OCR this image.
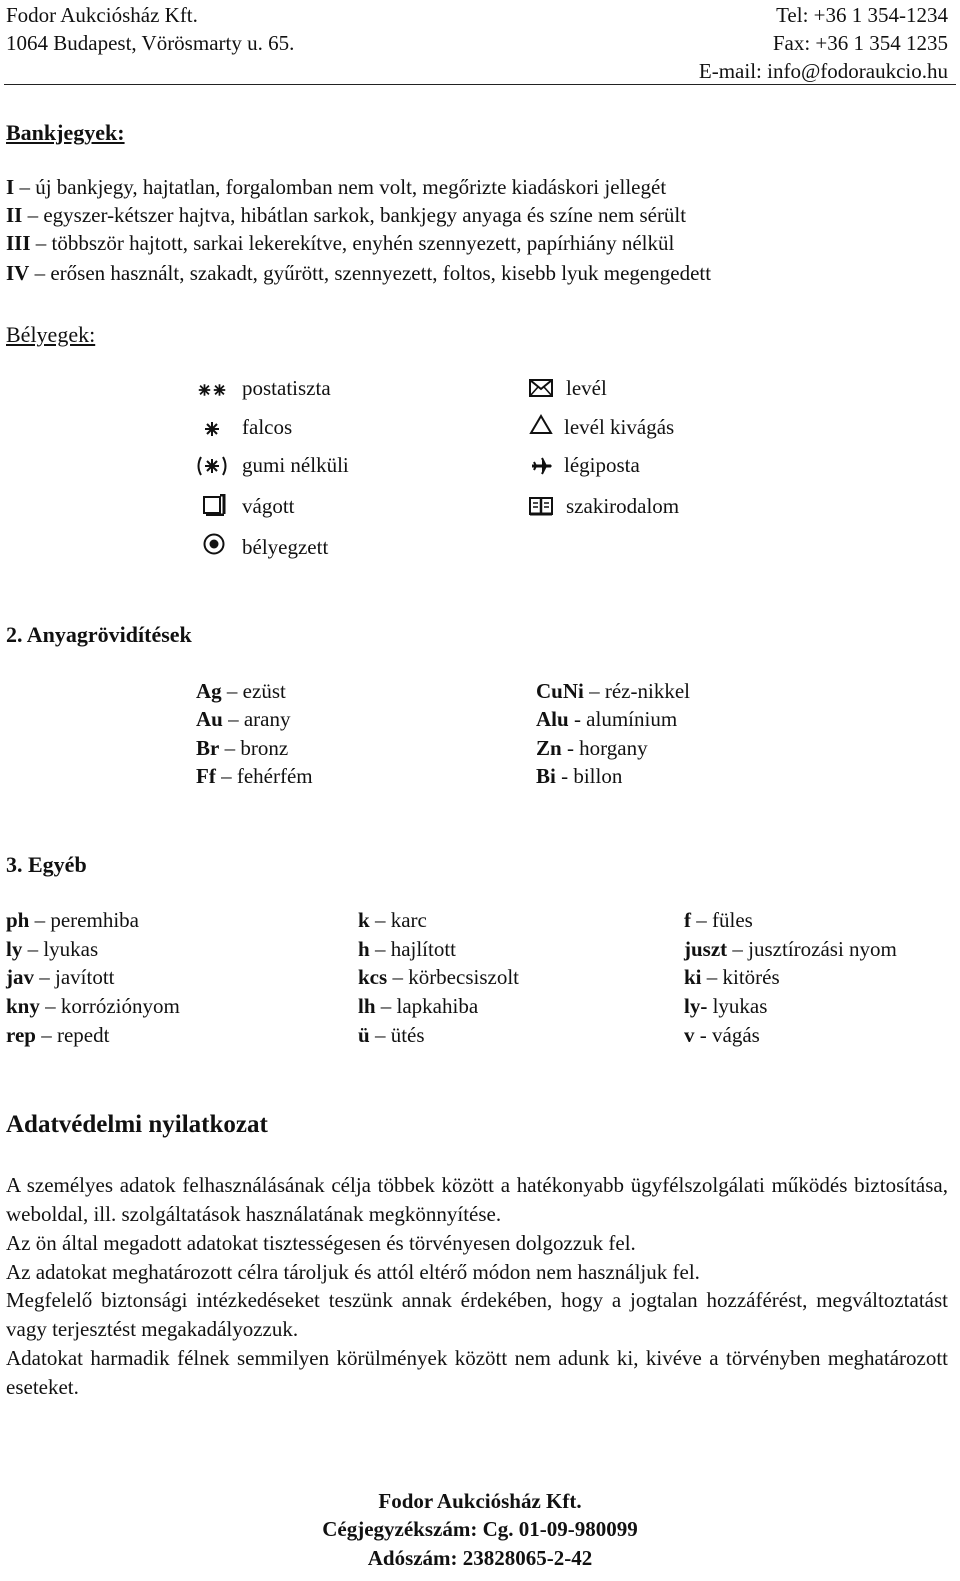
Fodor Aukciósház Kft.
1064 Budapest, Vörösmarty u. 65.
Tel: +36 1 354-1234
Fax: +36 1 354 1235
E-mail: info@fodoraukcio.hu
Bankjegyek:
I – új bankjegy, hajtatlan, forgalomban nem volt, megőrizte kiadáskori jellegét
II – egyszer-kétszer hajtva, hibátlan sarkok, bankjegy anyaga és színe nem sérült
III – többször hajtott, sarkai lekerekítve, enyhén szennyezett, papírhiány nélkül
IV – erősen használt, szakadt, gyűrött, szennyezett, foltos, kisebb lyuk megengedett
Bélyegek:
postatiszta
falcos
gumi nélküli
vágott
bélyegzett
levél
levél kivágás
légiposta
szakirodalom
2. Anyagrövidítések
Ag – ezüst
Au – arany
Br – bronz
Ff – fehérfém
CuNi – réz-nikkel
Alu - alumínium
Zn - horgany
Bi - billon
3. Egyéb
ph – peremhiba
ly – lyukas
jav – javított
kny – korróziónyom
rep – repedt
k – karc
h – hajlított
kcs – körbecsiszolt
lh – lapkahiba
ü – ütés
f – füles
juszt – jusztírozási nyom
ki – kitörés
ly- lyukas
v - vágás
Adatvédelmi nyilatkozat
A személyes adatok felhasználásának célja többek között a hatékonyabb ügyfélszolgálati működés biztosítása, weboldal, ill. szolgáltatások használatának megkönnyítése.
Az ön által megadott adatokat tisztességesen és törvényesen dolgozzuk fel.
Az adatokat meghatározott célra tároljuk és attól eltérő módon nem használjuk fel.
Megfelelő biztonsági intézkedéseket teszünk annak érdekében, hogy a jogtalan hozzáférést, megváltoztatást vagy terjesztést megakadályozzuk.
Adatokat harmadik félnek semmilyen körülmények között nem adunk ki, kivéve a törvényben meghatározott eseteket.
Fodor Aukciósház Kft.
Cégjegyzékszám: Cg. 01-09-980099
Adószám: 23828065-2-42
